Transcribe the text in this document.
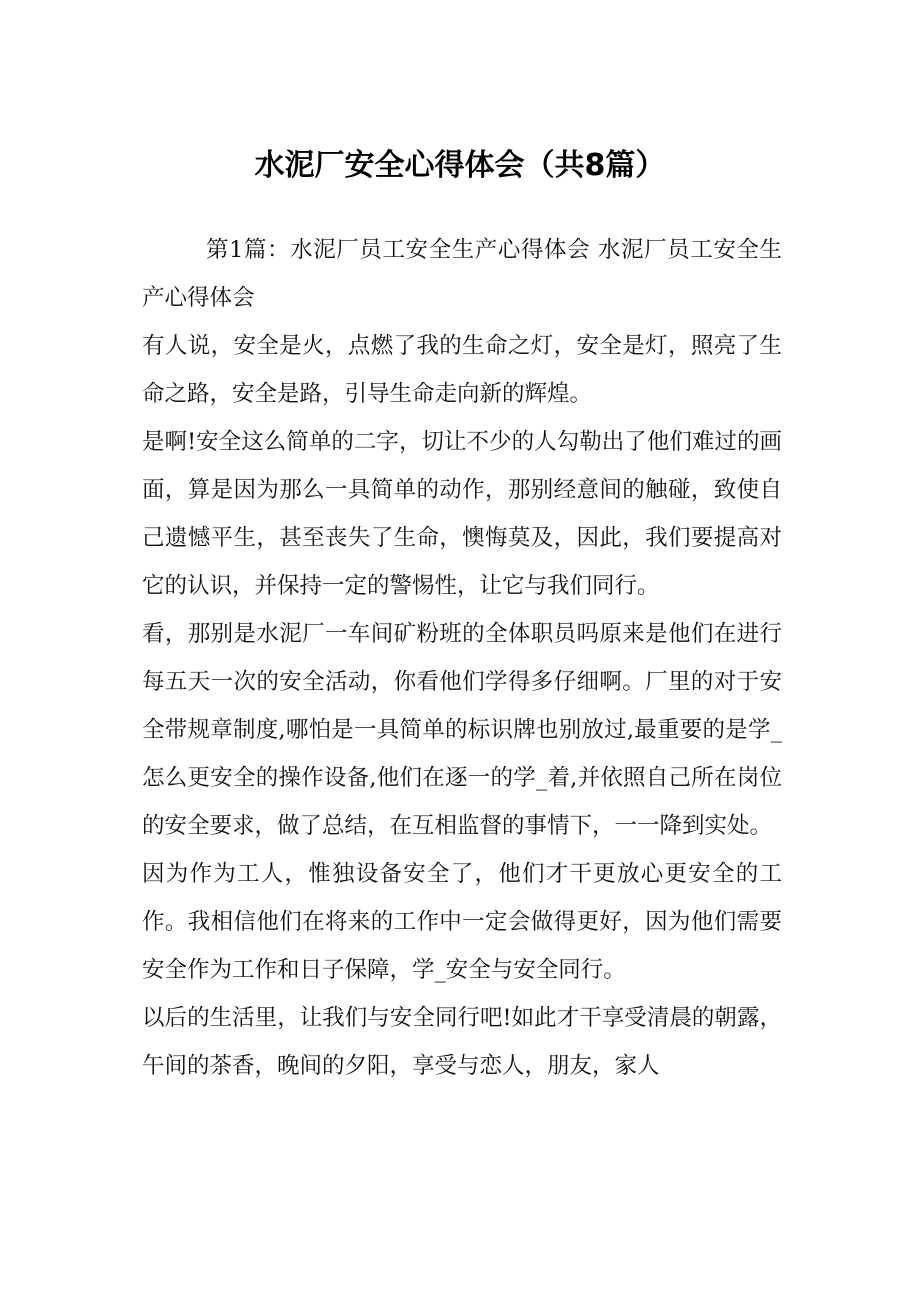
水泥厂安全心得体会（共8篇）

第1篇：水泥厂员工安全生产心得体会 水泥厂员工安全生产心得体会

有人说，安全是火，点燃了我的生命之灯，安全是灯，照亮了生命之路，安全是路，引导生命走向新的辉煌。

是啊!安全这么简单的二字，切让不少的人勾勒出了他们难过的画面，算是因为那么一具简单的动作，那别经意间的触碰，致使自己遗憾平生，甚至丧失了生命，懊悔莫及，因此，我们要提高对它的认识，并保持一定的警惕性，让它与我们同行。

看，那别是水泥厂一车间矿粉班的全体职员吗原来是他们在进行每五天一次的安全活动，你看他们学得多仔细啊。厂里的对于安全带规章制度,哪怕是一具简单的标识牌也别放过,最重要的是学_怎么更安全的操作设备,他们在逐一的学_着,并依照自己所在岗位的安全要求，做了总结，在互相监督的事情下，一一降到实处。

因为作为工人，惟独设备安全了，他们才干更放心更安全的工作。我相信他们在将来的工作中一定会做得更好，因为他们需要安全作为工作和日子保障，学_安全与安全同行。

以后的生活里，让我们与安全同行吧!如此才干享受清晨的朝露，午间的茶香，晚间的夕阳，享受与恋人，朋友，家人
